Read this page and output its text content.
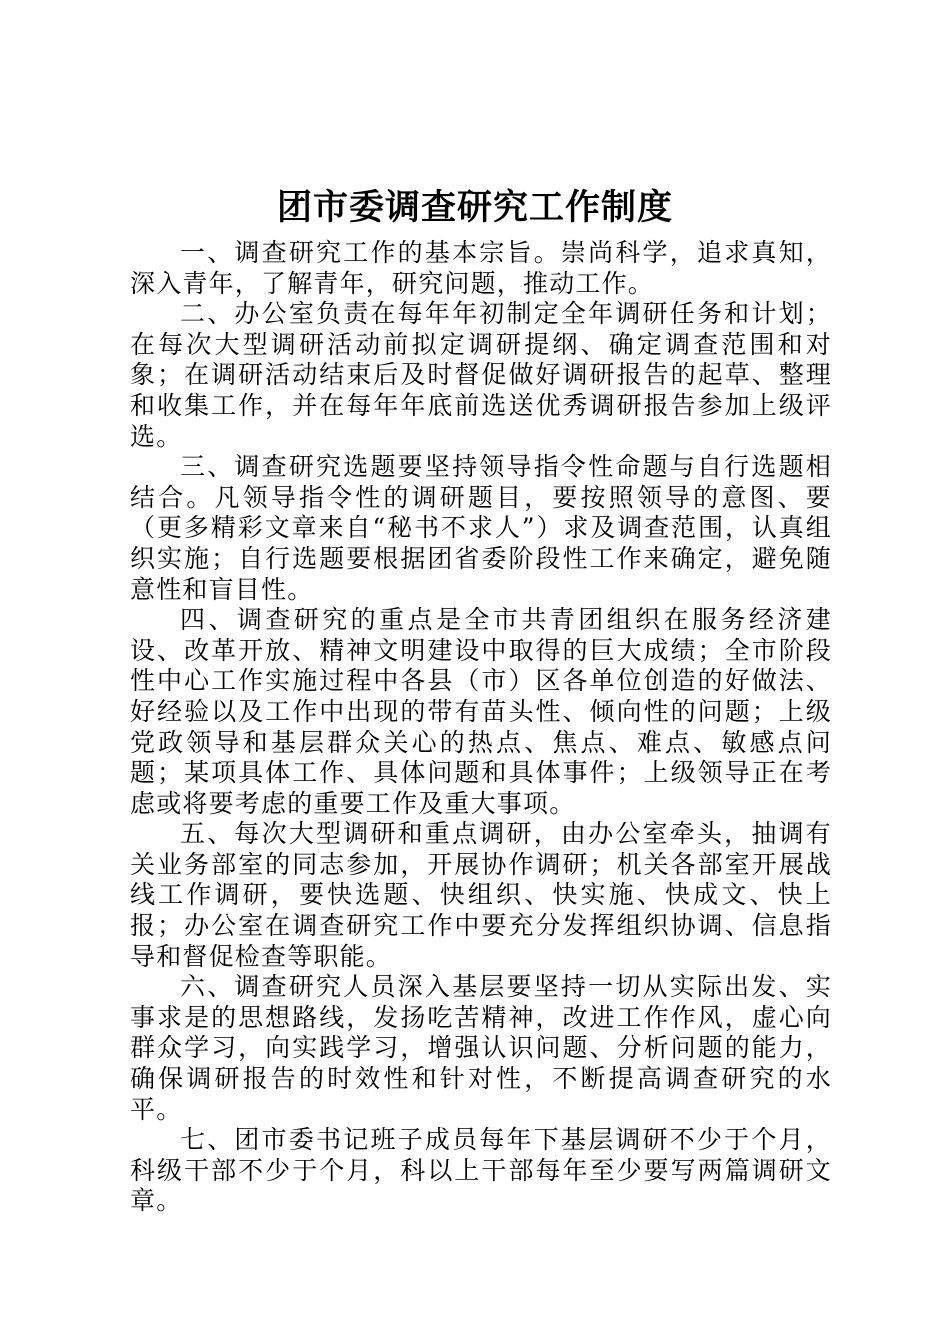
团市委调查研究工作制度

一、调查研究工作的基本宗旨。崇尚科学，追求真知，深入青年，了解青年，研究问题，推动工作。

二、办公室负责在每年年初制定全年调研任务和计划；在每次大型调研活动前拟定调研提纲、确定调查范围和对象；在调研活动结束后及时督促做好调研报告的起草、整理和收集工作，并在每年年底前选送优秀调研报告参加上级评选。

三、调查研究选题要坚持领导指令性命题与自行选题相结合。凡领导指令性的调研题目，要按照领导的意图、要（更多精彩文章来自“秘书不求人”）求及调查范围，认真组织实施；自行选题要根据团省委阶段性工作来确定，避免随意性和盲目性。

四、调查研究的重点是全市共青团组织在服务经济建设、改革开放、精神文明建设中取得的巨大成绩；全市阶段性中心工作实施过程中各县（市）区各单位创造的好做法、好经验以及工作中出现的带有苗头性、倾向性的问题；上级党政领导和基层群众关心的热点、焦点、难点、敏感点问题；某项具体工作、具体问题和具体事件；上级领导正在考虑或将要考虑的重要工作及重大事项。

五、每次大型调研和重点调研，由办公室牵头，抽调有关业务部室的同志参加，开展协作调研；机关各部室开展战线工作调研，要快选题、快组织、快实施、快成文、快上报；办公室在调查研究工作中要充分发挥组织协调、信息指导和督促检查等职能。

六、调查研究人员深入基层要坚持一切从实际出发、实事求是的思想路线，发扬吃苦精神，改进工作作风，虚心向群众学习，向实践学习，增强认识问题、分析问题的能力，确保调研报告的时效性和针对性，不断提高调查研究的水平。

七、团市委书记班子成员每年下基层调研不少于个月，科级干部不少于个月，科以上干部每年至少要写两篇调研文章。
